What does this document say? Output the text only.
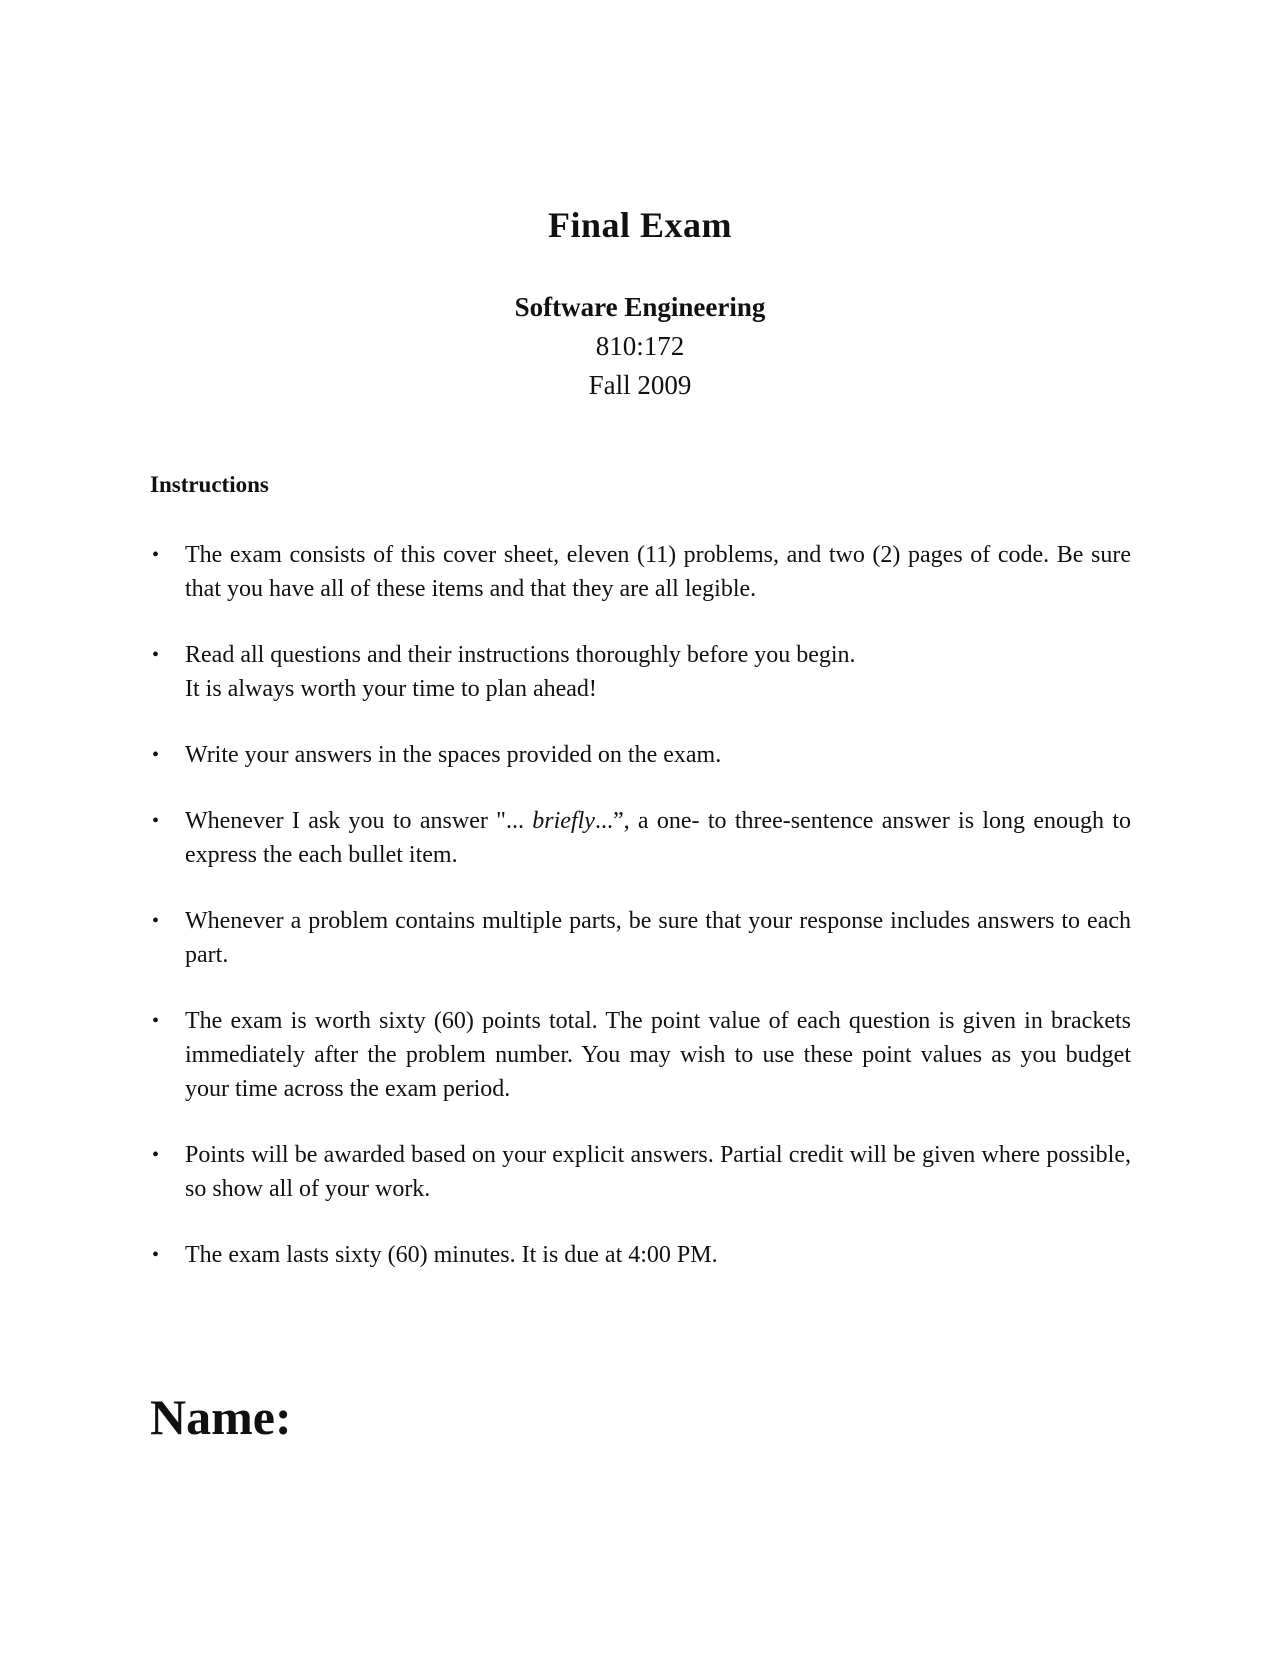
Final Exam
Software Engineering
810:172
Fall 2009
Instructions
• The exam consists of this cover sheet, eleven (11) problems, and two (2) pages of code. Be sure that you have all of these items and that they are all legible.
• Read all questions and their instructions thoroughly before you begin.
It is always worth your time to plan ahead!
• Write your answers in the spaces provided on the exam.
• Whenever I ask you to answer "... briefly...”, a one- to three-sentence answer is long enough to express the each bullet item.
• Whenever a problem contains multiple parts, be sure that your response includes answers to each part.
• The exam is worth sixty (60) points total. The point value of each question is given in brackets immediately after the problem number. You may wish to use these point values as you budget your time across the exam period.
• Points will be awarded based on your explicit answers. Partial credit will be given where possible, so show all of your work.
• The exam lasts sixty (60) minutes. It is due at 4:00 PM.
Name:
